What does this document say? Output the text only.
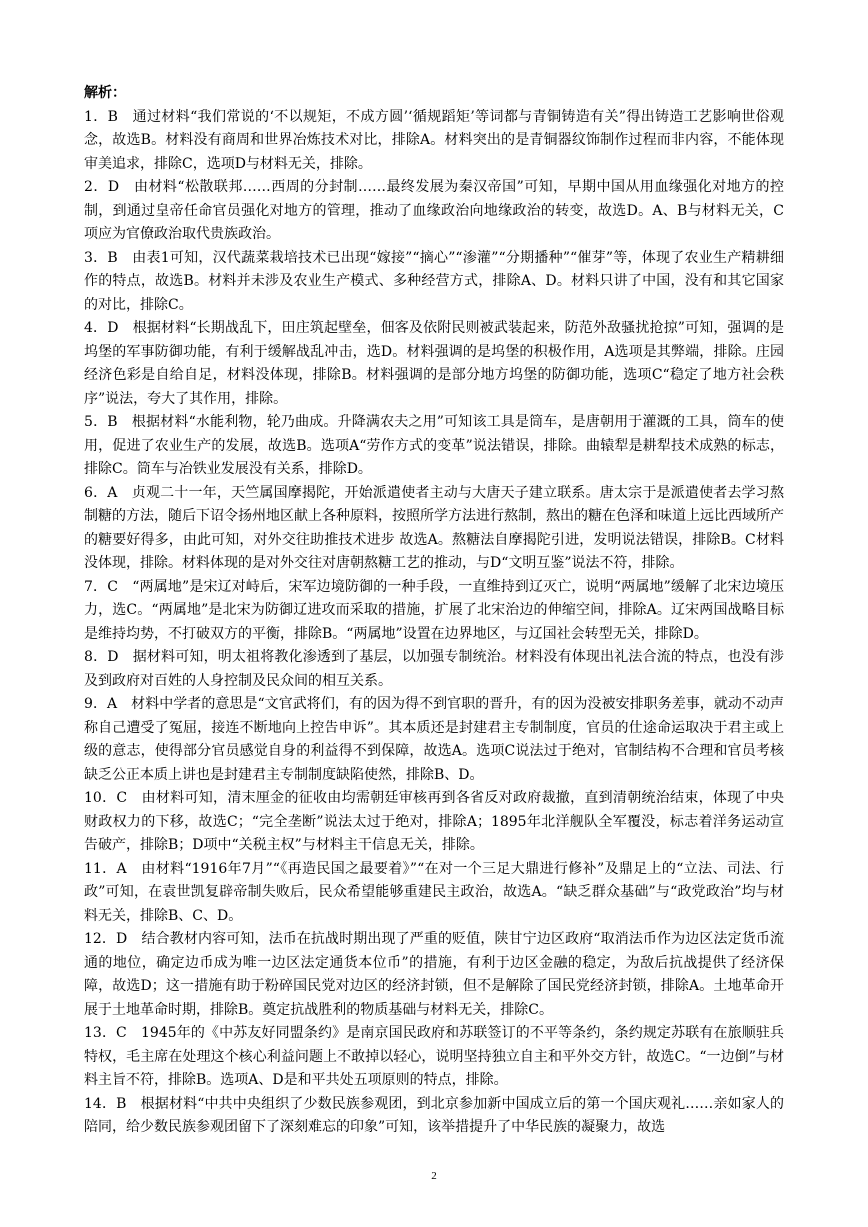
解析：

1．B　通过材料“我们常说的‘不以规矩，不成方圆’‘循规蹈矩’等词都与青铜铸造有关”得出铸造工艺影响世俗观念，故选B。材料没有商周和世界冶炼技术对比，排除A。材料突出的是青铜器纹饰制作过程而非内容，不能体现审美追求，排除C，选项D与材料无关，排除。

2．D　由材料“松散联邦……西周的分封制……最终发展为秦汉帝国”可知，早期中国从用血缘强化对地方的控制，到通过皇帝任命官员强化对地方的管理，推动了血缘政治向地缘政治的转变，故选D。A、B与材料无关，C项应为官僚政治取代贵族政治。

3．B　由表1可知，汉代蔬菜栽培技术已出现“嫁接”“摘心”“渗灌”“分期播种”“催芽”等，体现了农业生产精耕细作的特点，故选B。材料并未涉及农业生产模式、多种经营方式，排除A、D。材料只讲了中国，没有和其它国家的对比，排除C。

4．D　根据材料“长期战乱下，田庄筑起壁垒，佃客及依附民则被武装起来，防范外敌骚扰抢掠”可知，强调的是坞堡的军事防御功能，有利于缓解战乱冲击，选D。材料强调的是坞堡的积极作用，A选项是其弊端，排除。庄园经济色彩是自给自足，材料没体现，排除B。材料强调的是部分地方坞堡的防御功能，选项C“稳定了地方社会秩序”说法，夸大了其作用，排除。

5．B　根据材料“水能利物，轮乃曲成。升降满农夫之用”可知该工具是筒车，是唐朝用于灌溉的工具，筒车的使用，促进了农业生产的发展，故选B。选项A“劳作方式的变革”说法错误，排除。曲辕犁是耕犁技术成熟的标志，排除C。筒车与冶铁业发展没有关系，排除D。

6．A　贞观二十一年，天竺属国摩揭陀，开始派遣使者主动与大唐天子建立联系。唐太宗于是派遣使者去学习熬制糖的方法，随后下诏令扬州地区献上各种原料，按照所学方法进行熬制，熬出的糖在色泽和味道上远比西域所产的糖要好得多，由此可知，对外交往助推技术进步 故选A。熬糖法自摩揭陀引进，发明说法错误，排除B。C材料没体现，排除。材料体现的是对外交往对唐朝熬糖工艺的推动，与D“文明互鉴”说法不符，排除。

7．C　“两属地”是宋辽对峙后，宋军边境防御的一种手段，一直维持到辽灭亡，说明“两属地”缓解了北宋边境压力，选C。“两属地”是北宋为防御辽进攻而采取的措施，扩展了北宋治边的伸缩空间，排除A。辽宋两国战略目标是维持均势，不打破双方的平衡，排除B。“两属地”设置在边界地区，与辽国社会转型无关，排除D。

8．D　据材料可知，明太祖将教化渗透到了基层，以加强专制统治。材料没有体现出礼法合流的特点，也没有涉及到政府对百姓的人身控制及民众间的相互关系。

9．A　材料中学者的意思是“文官武将们，有的因为得不到官职的晋升，有的因为没被安排职务差事，就动不动声称自己遭受了冤屈，接连不断地向上控告申诉”。其本质还是封建君主专制制度，官员的仕途命运取决于君主或上级的意志，使得部分官员感觉自身的利益得不到保障，故选A。选项C说法过于绝对，官制结构不合理和官员考核缺乏公正本质上讲也是封建君主专制制度缺陷使然，排除B、D。

10．C　由材料可知，清末厘金的征收由均需朝廷审核再到各省反对政府裁撤，直到清朝统治结束，体现了中央财政权力的下移，故选C；“完全垄断”说法太过于绝对，排除A；1895年北洋舰队全军覆没，标志着洋务运动宣告破产，排除B；D项中“关税主权”与材料主干信息无关，排除。

11．A　由材料“1916年7月”“《再造民国之最要着》”“在对一个三足大鼎进行修补”及鼎足上的“立法、司法、行政”可知，在袁世凯复辟帝制失败后，民众希望能够重建民主政治，故选A。“缺乏群众基础”与“政党政治”均与材料无关，排除B、C、D。

12．D　结合教材内容可知，法币在抗战时期出现了严重的贬值，陕甘宁边区政府“取消法币作为边区法定货币流通的地位，确定边币成为唯一边区法定通货本位币”的措施，有利于边区金融的稳定，为敌后抗战提供了经济保障，故选D；这一措施有助于粉碎国民党对边区的经济封锁，但不是解除了国民党经济封锁，排除A。土地革命开展于土地革命时期，排除B。奠定抗战胜利的物质基础与材料无关，排除C。

13．C　1945年的《中苏友好同盟条约》是南京国民政府和苏联签订的不平等条约，条约规定苏联有在旅顺驻兵特权，毛主席在处理这个核心利益问题上不敢掉以轻心，说明坚持独立自主和平外交方针，故选C。“一边倒”与材料主旨不符，排除B。选项A、D是和平共处五项原则的特点，排除。

14．B　根据材料“中共中央组织了少数民族参观团，到北京参加新中国成立后的第一个国庆观礼……亲如家人的陪同，给少数民族参观团留下了深刻难忘的印象”可知，该举措提升了中华民族的凝聚力，故选

2
